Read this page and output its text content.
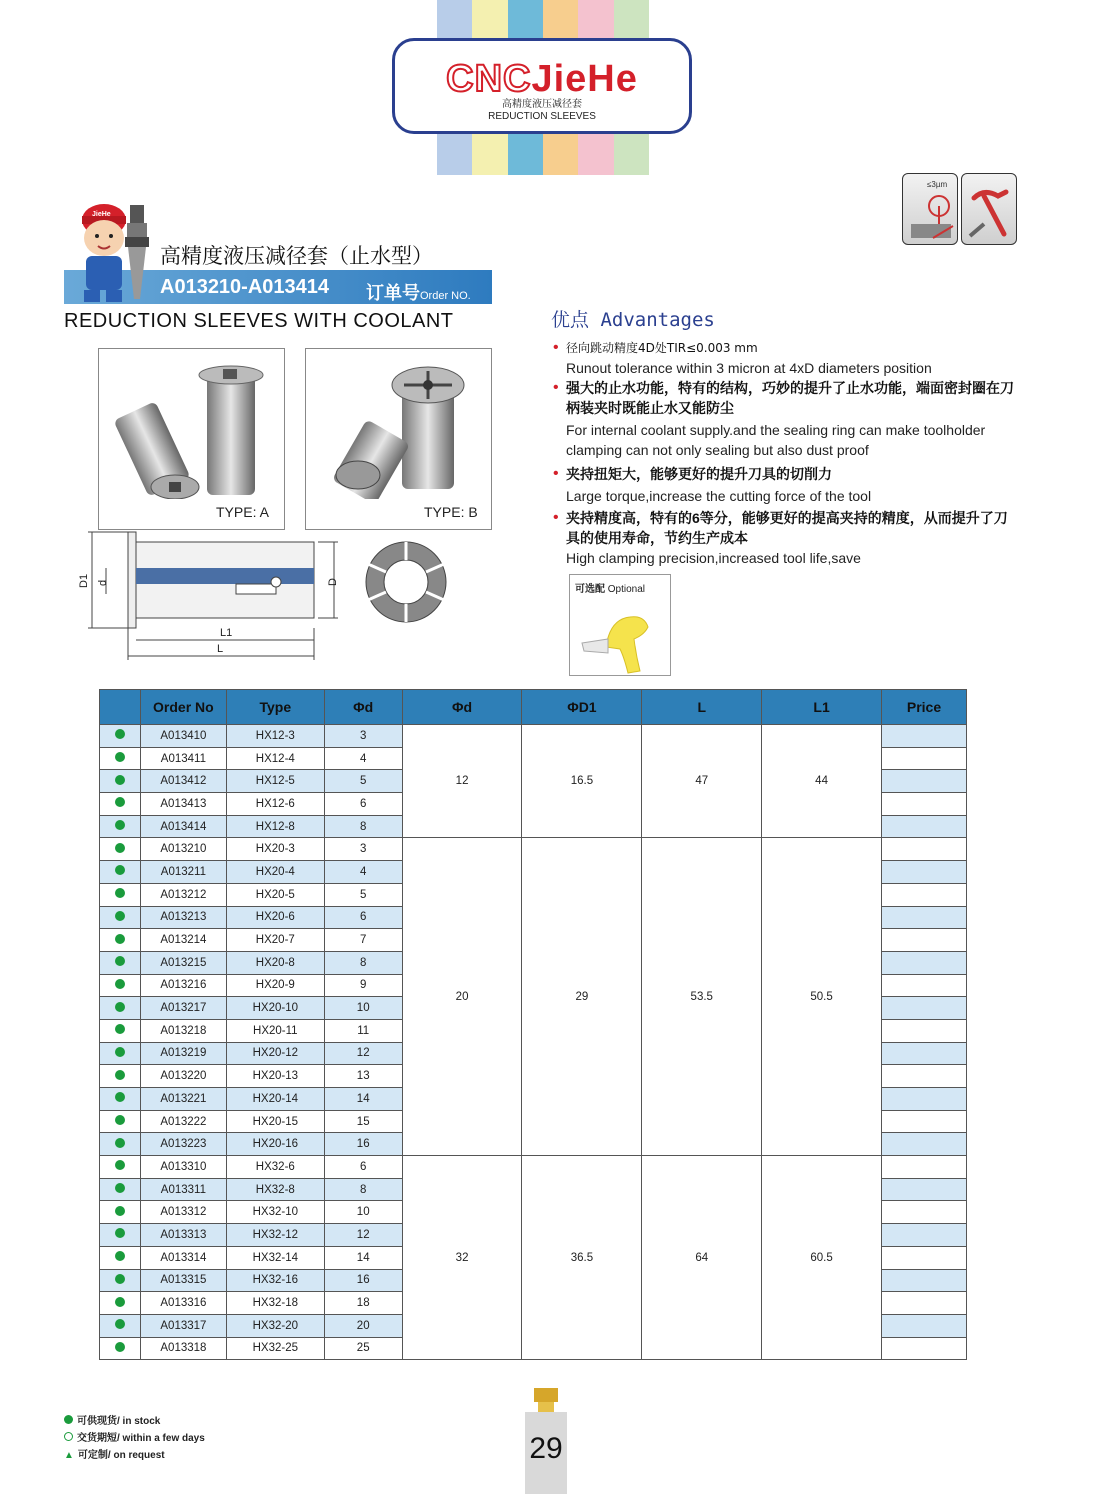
CNCJieHe
高精度液压减径套
REDUCTION SLEEVES
≤3µm
JieHe
高精度液压减径套（止水型）
A013210-A013414 订单号Order NO.
REDUCTION SLEEVES WITH COOLANT
TYPE: A	TYPE: B
D1 d	D
L1
L
优点 Advantages
• 径向跳动精度4D处TIR≤0.003 mm

Runout tolerance within 3 micron at 4xD diameters position

• 强大的止水功能，特有的结构，巧妙的提升了止水功能，端面密封圈在刀柄装夹时既能止水又能防尘

For internal coolant supply.and the sealing ring can make toolholder clamping can not only sealing but also dust proof

• 夹持扭矩大，能够更好的提升刀具的切削力

Large torque,increase the cutting force of the tool

• 夹持精度高，特有的6等分，能够更好的提高夹持的精度，从而提升了刀具的使用寿命，节约生产成本

High clamping precision,increased tool life,save

可选配 Optional
	Order No	Type	Φd	Φd	ΦD1	L	L1	Price
	A013410	HX12-3	3	12	16.5	47	44	
	A013411	HX12-4	4					
	A013412	HX12-5	5					
	A013413	HX12-6	6					
	A013414	HX12-8	8					
	A013210	HX20-3	3	20	29	53.5	50.5	
	A013211	HX20-4	4					
	A013212	HX20-5	5					
	A013213	HX20-6	6					
	A013214	HX20-7	7					
	A013215	HX20-8	8					
	A013216	HX20-9	9					
	A013217	HX20-10	10					
	A013218	HX20-11	11					
	A013219	HX20-12	12					
	A013220	HX20-13	13					
	A013221	HX20-14	14					
	A013222	HX20-15	15					
	A013223	HX20-16	16					
	A013310	HX32-6	6	32	36.5	64	60.5	
	A013311	HX32-8	8					
	A013312	HX32-10	10					
	A013313	HX32-12	12					
	A013314	HX32-14	14					
	A013315	HX32-16	16					
	A013316	HX32-18	18					
	A013317	HX32-20	20					
	A013318	HX32-25	25					
可供现货/ in stock
交货期短/ within a few days
▲ 可定制/ on request	29
